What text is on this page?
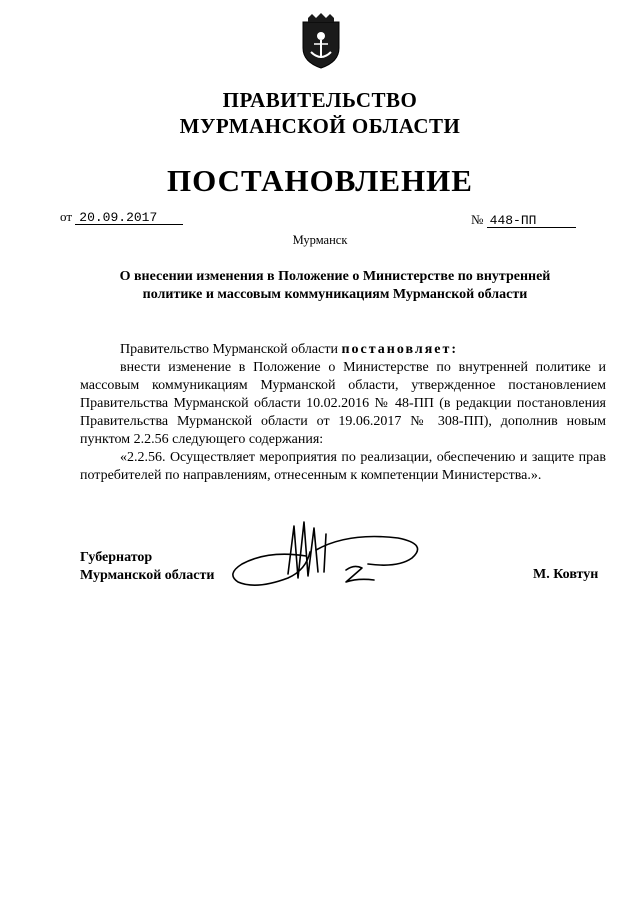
ПРАВИТЕЛЬСТВО
МУРМАНСКОЙ ОБЛАСТИ
ПОСТАНОВЛЕНИЕ
от 20.09.2017	№ 448-ПП
Мурманск
О внесении изменения в Положение о Министерстве по внутренней политике и массовым коммуникациям Мурманской области
Правительство Мурманской области постановляет:
внести изменение в Положение о Министерстве по внутренней политике и массовым коммуникациям Мурманской области, утвержденное постановлением Правительства Мурманской области 10.02.2016 № 48-ПП (в редакции постановления Правительства Мурманской области от 19.06.2017 № 308-ПП), дополнив новым пунктом 2.2.56 следующего содержания:
«2.2.56. Осуществляет мероприятия по реализации, обеспечению и защите прав потребителей по направлениям, отнесенным к компетенции Министерства.».
Губернатор
Мурманской области	М. Ковтун
